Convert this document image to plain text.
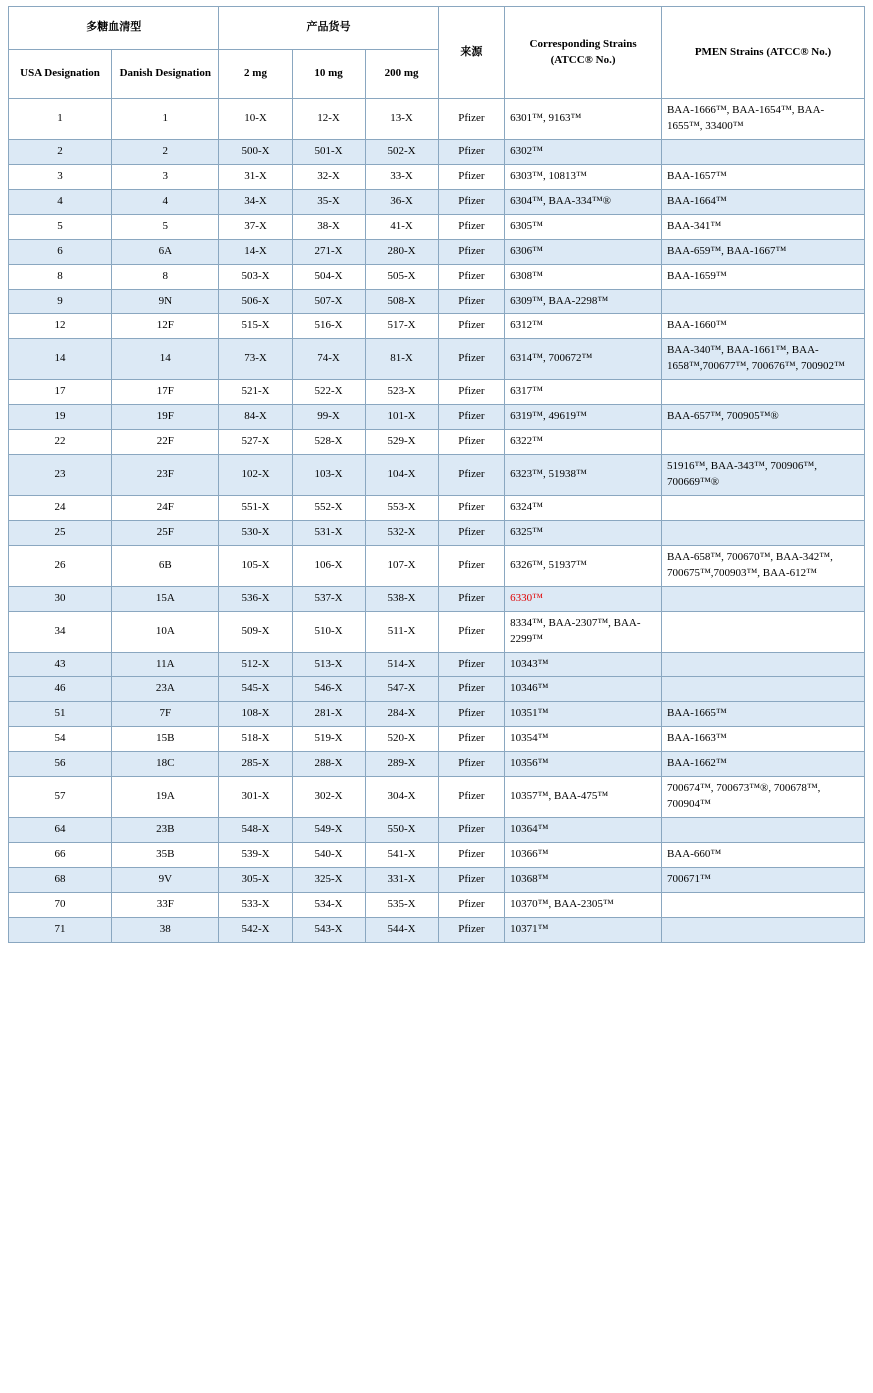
多糖血清型		产品货号			来源	Corresponding Strains (ATCC® No.)	PMEN Strains (ATCC® No.)
USA Designation	Danish Designation	2 mg	10 mg	200 mg			
1	1	10-X	12-X	13-X	Pfizer	6301™, 9163™	BAA-1666™, BAA-1654™, BAA-1655™, 33400™
2	2	500-X	501-X	502-X	Pfizer	6302™	
3	3	31-X	32-X	33-X	Pfizer	6303™, 10813™	BAA-1657™
4	4	34-X	35-X	36-X	Pfizer	6304™, BAA-334™®	BAA-1664™
5	5	37-X	38-X	41-X	Pfizer	6305™	BAA-341™
6	6A	14-X	271-X	280-X	Pfizer	6306™	BAA-659™, BAA-1667™
8	8	503-X	504-X	505-X	Pfizer	6308™	BAA-1659™
9	9N	506-X	507-X	508-X	Pfizer	6309™, BAA-2298™	
12	12F	515-X	516-X	517-X	Pfizer	6312™	BAA-1660™
14	14	73-X	74-X	81-X	Pfizer	6314™, 700672™	BAA-340™, BAA-1661™, BAA-1658™,700677™, 700676™, 700902™
17	17F	521-X	522-X	523-X	Pfizer	6317™	
19	19F	84-X	99-X	101-X	Pfizer	6319™, 49619™	BAA-657™, 700905™®
22	22F	527-X	528-X	529-X	Pfizer	6322™	
23	23F	102-X	103-X	104-X	Pfizer	6323™, 51938™	51916™, BAA-343™, 700906™, 700669™®
24	24F	551-X	552-X	553-X	Pfizer	6324™	
25	25F	530-X	531-X	532-X	Pfizer	6325™	
26	6B	105-X	106-X	107-X	Pfizer	6326™, 51937™	BAA-658™, 700670™, BAA-342™, 700675™,700903™, BAA-612™
30	15A	536-X	537-X	538-X	Pfizer	6330™	
34	10A	509-X	510-X	511-X	Pfizer	8334™, BAA-2307™, BAA-2299™	
43	11A	512-X	513-X	514-X	Pfizer	10343™	
46	23A	545-X	546-X	547-X	Pfizer	10346™	
51	7F	108-X	281-X	284-X	Pfizer	10351™	BAA-1665™
54	15B	518-X	519-X	520-X	Pfizer	10354™	BAA-1663™
56	18C	285-X	288-X	289-X	Pfizer	10356™	BAA-1662™
57	19A	301-X	302-X	304-X	Pfizer	10357™, BAA-475™	700674™, 700673™®, 700678™, 700904™
64	23B	548-X	549-X	550-X	Pfizer	10364™	
66	35B	539-X	540-X	541-X	Pfizer	10366™	BAA-660™
68	9V	305-X	325-X	331-X	Pfizer	10368™	700671™
70	33F	533-X	534-X	535-X	Pfizer	10370™, BAA-2305™	
71	38	542-X	543-X	544-X	Pfizer	10371™	
